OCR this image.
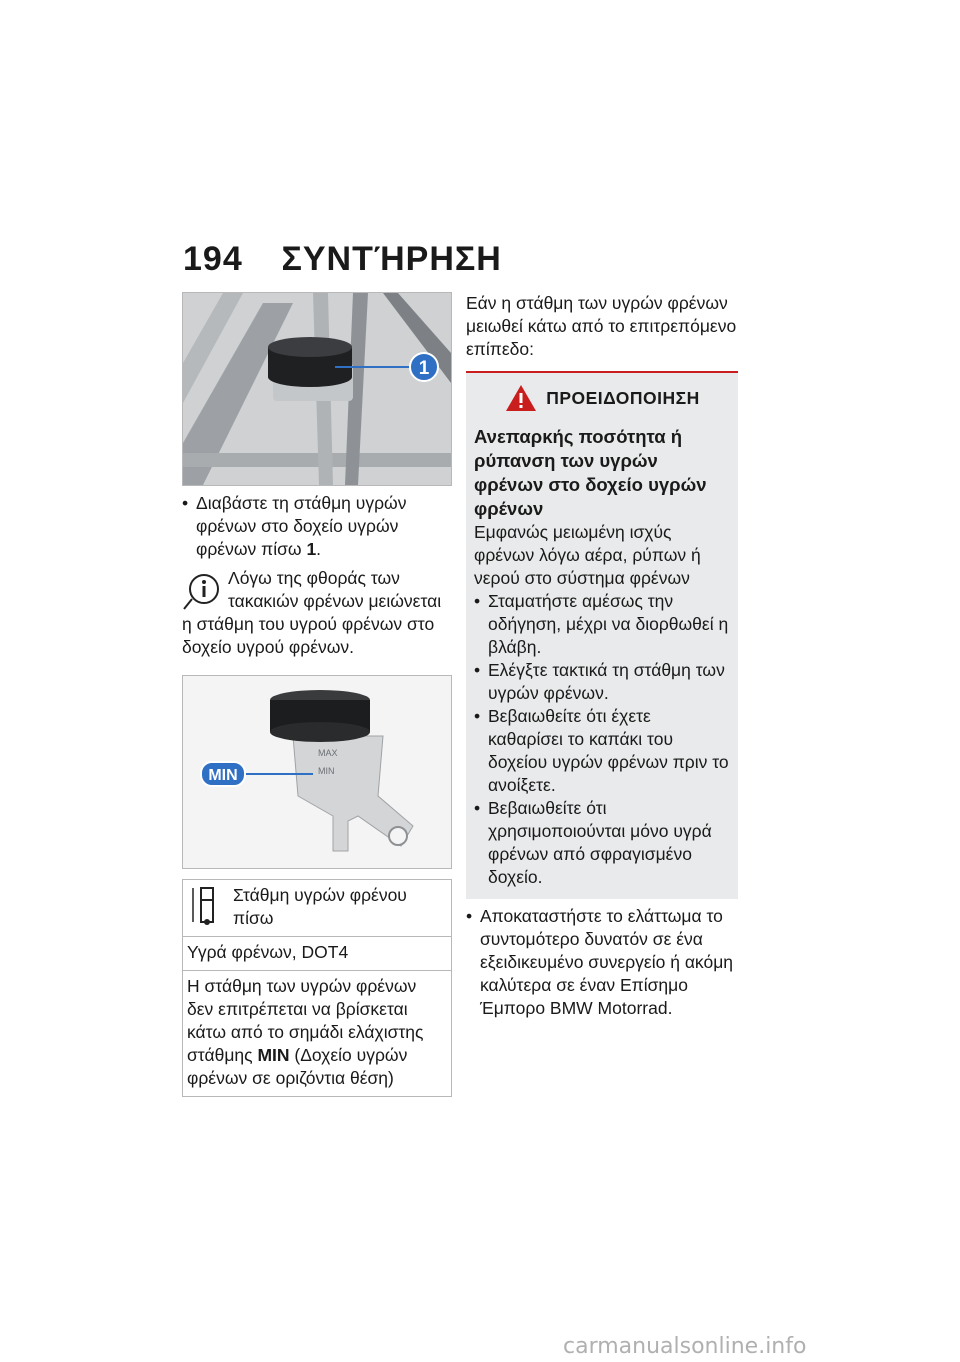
194 ΣΥΝΤΉΡΗΣΗ
1
• Διαβάστε τη στάθμη υγρών φρένων στο δοχείο υγρών φρένων πίσω 1.
Λόγω της φθοράς των τακακιών φρένων μειώνεται η στάθμη του υγρού φρένων στο δοχείο υγρού φρένων.
MAX
MIN
MIN
Στάθμη υγρών φρένου πίσω
Υγρά φρένων, DOT4
Η στάθμη των υγρών φρένων δεν επιτρέπεται να βρίσκεται κάτω από το σημάδι ελάχιστης στάθμης MIN (Δοχείο υγρών φρένων σε οριζόντια θέση)
Εάν η στάθμη των υγρών φρένων μειωθεί κάτω από το επιτρεπόμενο επίπεδο:
ΠΡΟΕΙΔΟΠΟΙΗΣΗ
Ανεπαρκής ποσότητα ή ρύπανση των υγρών φρένων στο δοχείο υγρών φρένων
Εμφανώς μειωμένη ισχύς φρένων λόγω αέρα, ρύπων ή νερού στο σύστημα φρένων
• Σταματήστε αμέσως την οδήγηση, μέχρι να διορθωθεί η βλάβη.
• Ελέγξτε τακτικά τη στάθμη των υγρών φρένων.
• Βεβαιωθείτε ότι έχετε καθαρίσει το καπάκι του δοχείου υγρών φρένων πριν το ανοίξετε.
• Βεβαιωθείτε ότι χρησιμοποιούνται μόνο υγρά φρένων από σφραγισμένο δοχείο.
• Αποκαταστήστε το ελάττωμα το συντομότερο δυνατόν σε ένα εξειδικευμένο συνεργείο ή ακόμη καλύτερα σε έναν Επίσημο Έμπορο BMW Motorrad.
carmanualsonline.info
